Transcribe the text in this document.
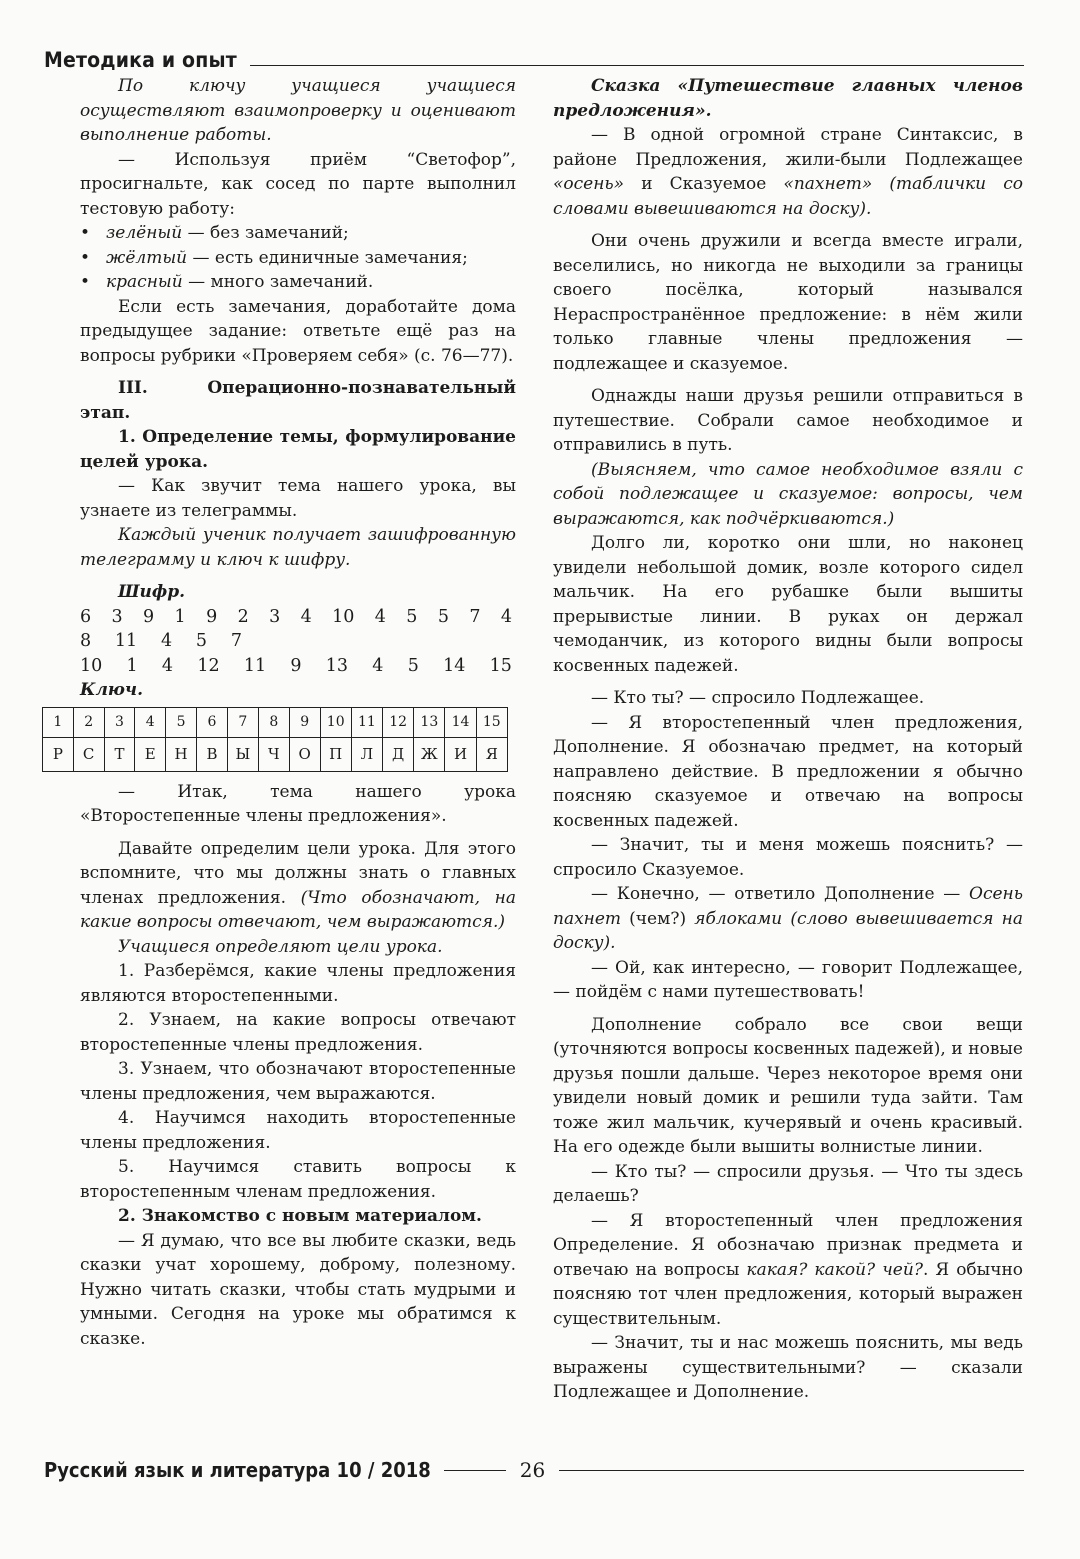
Методика и опыт

По ключу учащиеся учащиеся осуществляют взаимопроверку и оценивают выполнение работы.

— Используя приём “Светофор”, просигнальте, как сосед по парте выполнил тестовую работу:

• зелёный — без замечаний;

• жёлтый — есть единичные замечания;

• красный — много замечаний.

Если есть замечания, доработайте дома предыдущее задание: ответьте ещё раз на вопросы рубрики «Проверяем себя» (с. 76—77).

III. Операционно-познавательный этап.

1. Определение темы, формулирование целей урока.

— Как звучит тема нашего урока, вы узнаете из телеграммы.

Каждый ученик получает зашифрованную телеграмму и ключ к шифру.

Шифр.

6 3 9 1 9 2 3 4 10 4 5 5 7 4
8 11 4 5 7
10 1 4 12 11 9 13 4 5 14 15

Ключ.

1	2	3	4	5	6	7	8	9	10	11	12	13	14	15
Р	С	Т	Е	Н	В	Ы	Ч	О	П	Л	Д	Ж	И	Я

— Итак, тема нашего урока «Второстепенные члены предложения».

Давайте определим цели урока. Для этого вспомните, что мы должны знать о главных членах предложения. (Что обозначают, на какие вопросы отвечают, чем выражаются.)

Учащиеся определяют цели урока.

1. Разберёмся, какие члены предложения являются второстепенными.

2. Узнаем, на какие вопросы отвечают второстепенные члены предложения.

3. Узнаем, что обозначают второстепенные члены предложения, чем выражаются.

4. Научимся находить второстепенные члены предложения.

5. Научимся ставить вопросы к второстепенным членам предложения.

2. Знакомство с новым материалом.

— Я думаю, что все вы любите сказки, ведь сказки учат хорошему, доброму, полезному. Нужно читать сказки, чтобы стать мудрыми и умными. Сегодня на уроке мы обратимся к сказке.

Сказка «Путешествие главных членов предложения».

— В одной огромной стране Синтаксис, в районе Предложения, жили-были Подлежащее «осень» и Сказуемое «пахнет» (таблички со словами вывешиваются на доску).

Они очень дружили и всегда вместе играли, веселились, но никогда не выходили за границы своего посёлка, который назывался Нераспространённое предложение: в нём жили только главные члены предложения — подлежащее и сказуемое.

Однажды наши друзья решили отправиться в путешествие. Собрали самое необходимое и отправились в путь.

(Выясняем, что самое необходимое взяли с собой подлежащее и сказуемое: вопросы, чем выражаются, как подчёркиваются.)

Долго ли, коротко они шли, но наконец увидели небольшой домик, возле которого сидел мальчик. На его рубашке были вышиты прерывистые линии. В руках он держал чемоданчик, из которого видны были вопросы косвенных падежей.

— Кто ты? — спросило Подлежащее.

— Я второстепенный член предложения, Дополнение. Я обозначаю предмет, на который направлено действие. В предложении я обычно поясняю сказуемое и отвечаю на вопросы косвенных падежей.

— Значит, ты и меня можешь пояснить? — спросило Сказуемое.

— Конечно, — ответило Дополнение — Осень пахнет (чем?) яблоками (слово вывешивается на доску).

— Ой, как интересно, — говорит Подлежащее, — пойдём с нами путешествовать!

Дополнение собрало все свои вещи (уточняются вопросы косвенных падежей), и новые друзья пошли дальше. Через некоторое время они увидели новый домик и решили туда зайти. Там тоже жил мальчик, кучерявый и очень красивый. На его одежде были вышиты волнистые линии.

— Кто ты? — спросили друзья. — Что ты здесь делаешь?

— Я второстепенный член предложения Определение. Я обозначаю признак предмета и отвечаю на вопросы какая? какой? чей?. Я обычно поясняю тот член предложения, который выражен существительным.

— Значит, ты и нас можешь пояснить, мы ведь выражены существительными? — сказали Подлежащее и Дополнение.

Русский язык и литература 10 / 2018	26
